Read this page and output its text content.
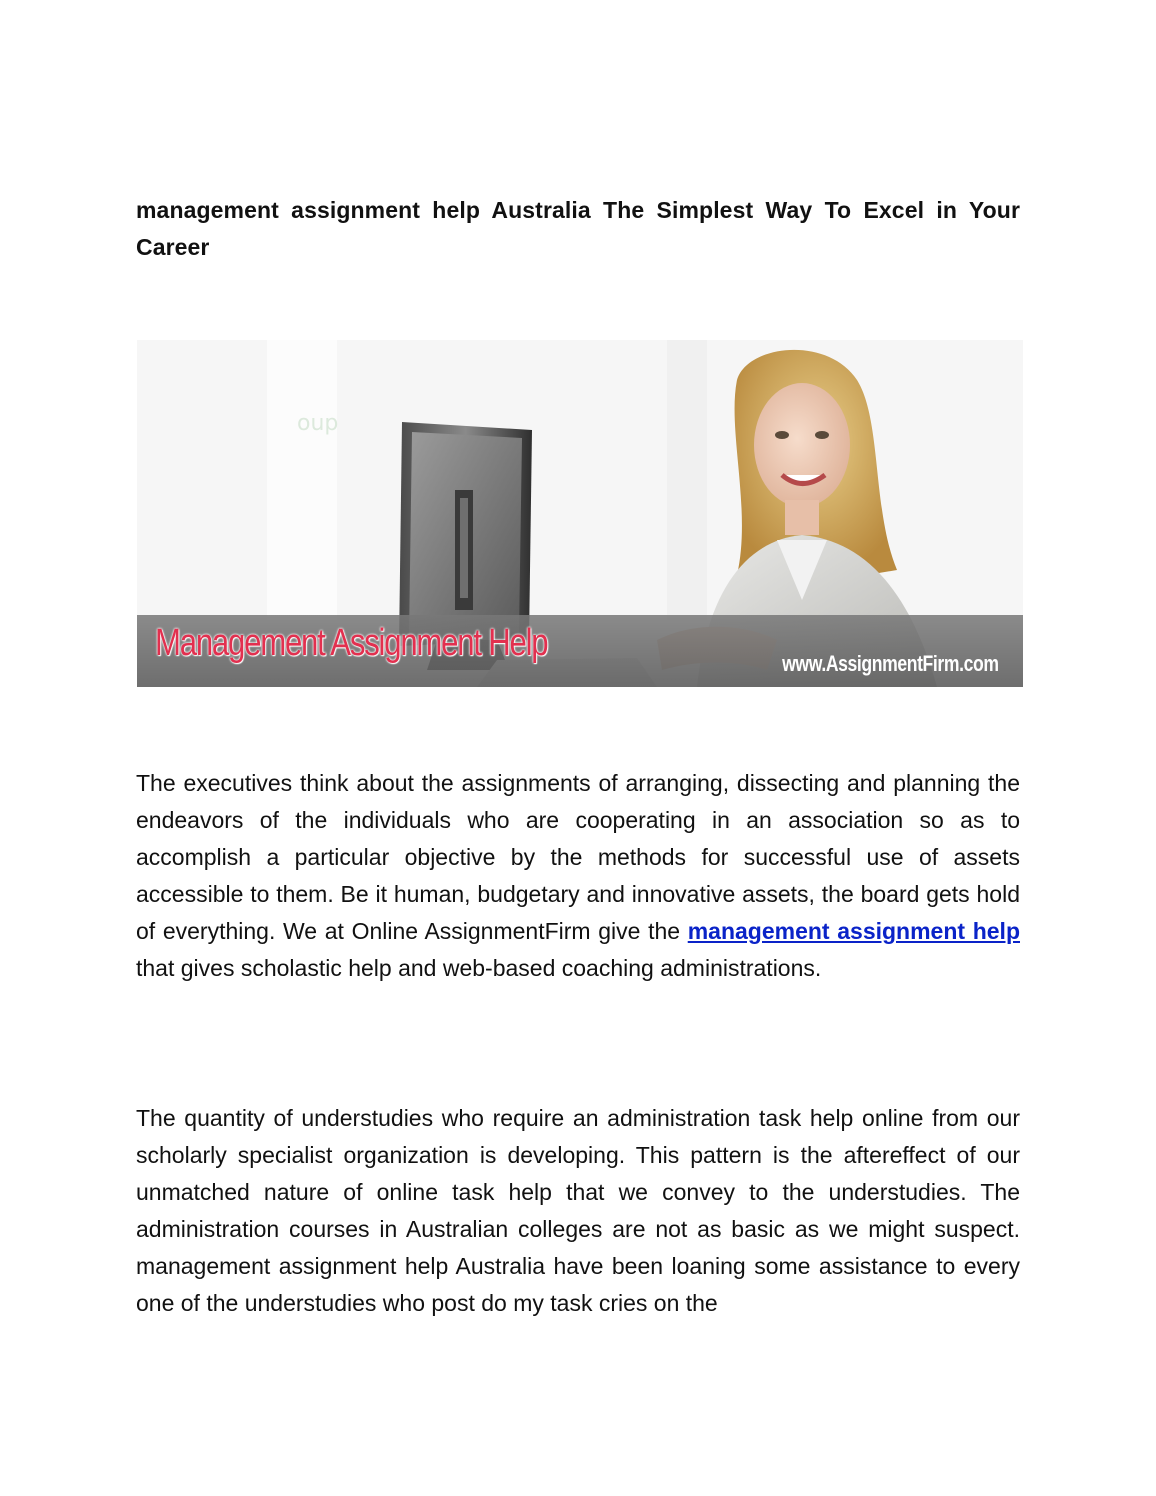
management assignment help Australia The Simplest Way To Excel in Your Career
oup
Management Assignment Help	www.AssignmentFirm.com
The executives think about the assignments of arranging, dissecting and planning the endeavors of the individuals who are cooperating in an association so as to accomplish a particular objective by the methods for successful use of assets accessible to them. Be it human, budgetary and innovative assets, the board gets hold of everything. We at Online AssignmentFirm give the management assignment help that gives scholastic help and web-based coaching administrations.
The quantity of understudies who require an administration task help online from our scholarly specialist organization is developing. This pattern is the aftereffect of our unmatched nature of online task help that we convey to the understudies. The administration courses in Australian colleges are not as basic as we might suspect. management assignment help Australia have been loaning some assistance to every one of the understudies who post do my task cries on the
